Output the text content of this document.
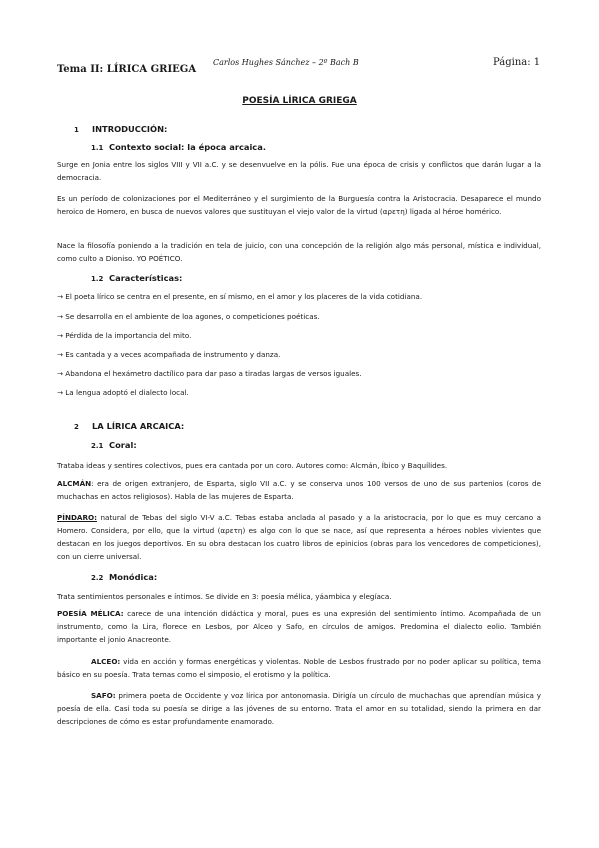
Tema II: LÍRICA GRIEGA
Carlos Hughes Sánchez – 2º Bach B	Página: 1
POESÍA LÍRICA GRIEGA
1 INTRODUCCIÓN:
1.1 Contexto social: la época arcaica.
Surge en Jonia entre los siglos VIII y VII a.C. y se desenvuelve en la pólis. Fue una época de crisis y conflictos que darán lugar a la democracia.
Es un período de colonizaciones por el Mediterráneo y el surgimiento de la Burguesía contra la Aristocracia. Desaparece el mundo heroico de Homero, en busca de nuevos valores que sustituyan el viejo valor de la virtud (αρετη) ligada al héroe homérico.
Nace la filosofía poniendo a la tradición en tela de juicio, con una concepción de la religión algo más personal, mística e individual, como culto a Dioniso. YO POÉTICO.
1.2 Características:
→ El poeta lírico se centra en el presente, en sí mismo, en el amor y los placeres de la vida cotidiana.
→ Se desarrolla en el ambiente de loa agones, o competiciones poéticas.
→ Pérdida de la importancia del mito.
→ Es cantada y a veces acompañada de instrumento y danza.
→ Abandona el hexámetro dactílico para dar paso a tiradas largas de versos iguales.
→ La lengua adoptó el dialecto local.
2 LA LÍRICA ARCAICA:
2.1 Coral:
Trataba ideas y sentires colectivos, pues era cantada por un coro. Autores como: Alcmán, Íbico y Baquílides.
ALCMÁN: era de origen extranjero, de Esparta, siglo VII a.C. y se conserva unos 100 versos de uno de sus partenios (coros de muchachas en actos religiosos). Habla de las mujeres de Esparta.
PÍNDARO: natural de Tebas del siglo VI-V a.C. Tebas estaba anclada al pasado y a la aristocracia, por lo que es muy cercano a Homero. Considera, por ello, que la virtud (αρετη) es algo con lo que se nace, así que representa a héroes nobles vivientes que destacan en los juegos deportivos. En su obra destacan los cuatro libros de epinicios (obras para los vencedores de competiciones), con un cierre universal.
2.2 Monódica:
Trata sentimientos personales e íntimos. Se divide en 3: poesía mélica, yáambica y elegíaca.
POESÍA MÉLICA: carece de una intención didáctica y moral, pues es una expresión del sentimiento íntimo. Acompañada de un instrumento, como la Lira, florece en Lesbos, por Alceo y Safo, en círculos de amigos. Predomina el dialecto eolio. También importante el jonio Anacreonte.
ALCEO: vida en acción y formas energéticas y violentas. Noble de Lesbos frustrado por no poder aplicar su política, tema básico en su poesía. Trata temas como el simposio, el erotismo y la política.
SAFO: primera poeta de Occidente y voz lírica por antonomasia. Dirigía un círculo de muchachas que aprendían música y poesía de ella. Casi toda su poesía se dirige a las jóvenes de su entorno. Trata el amor en su totalidad, siendo la primera en dar descripciones de cómo es estar profundamente enamorado.
